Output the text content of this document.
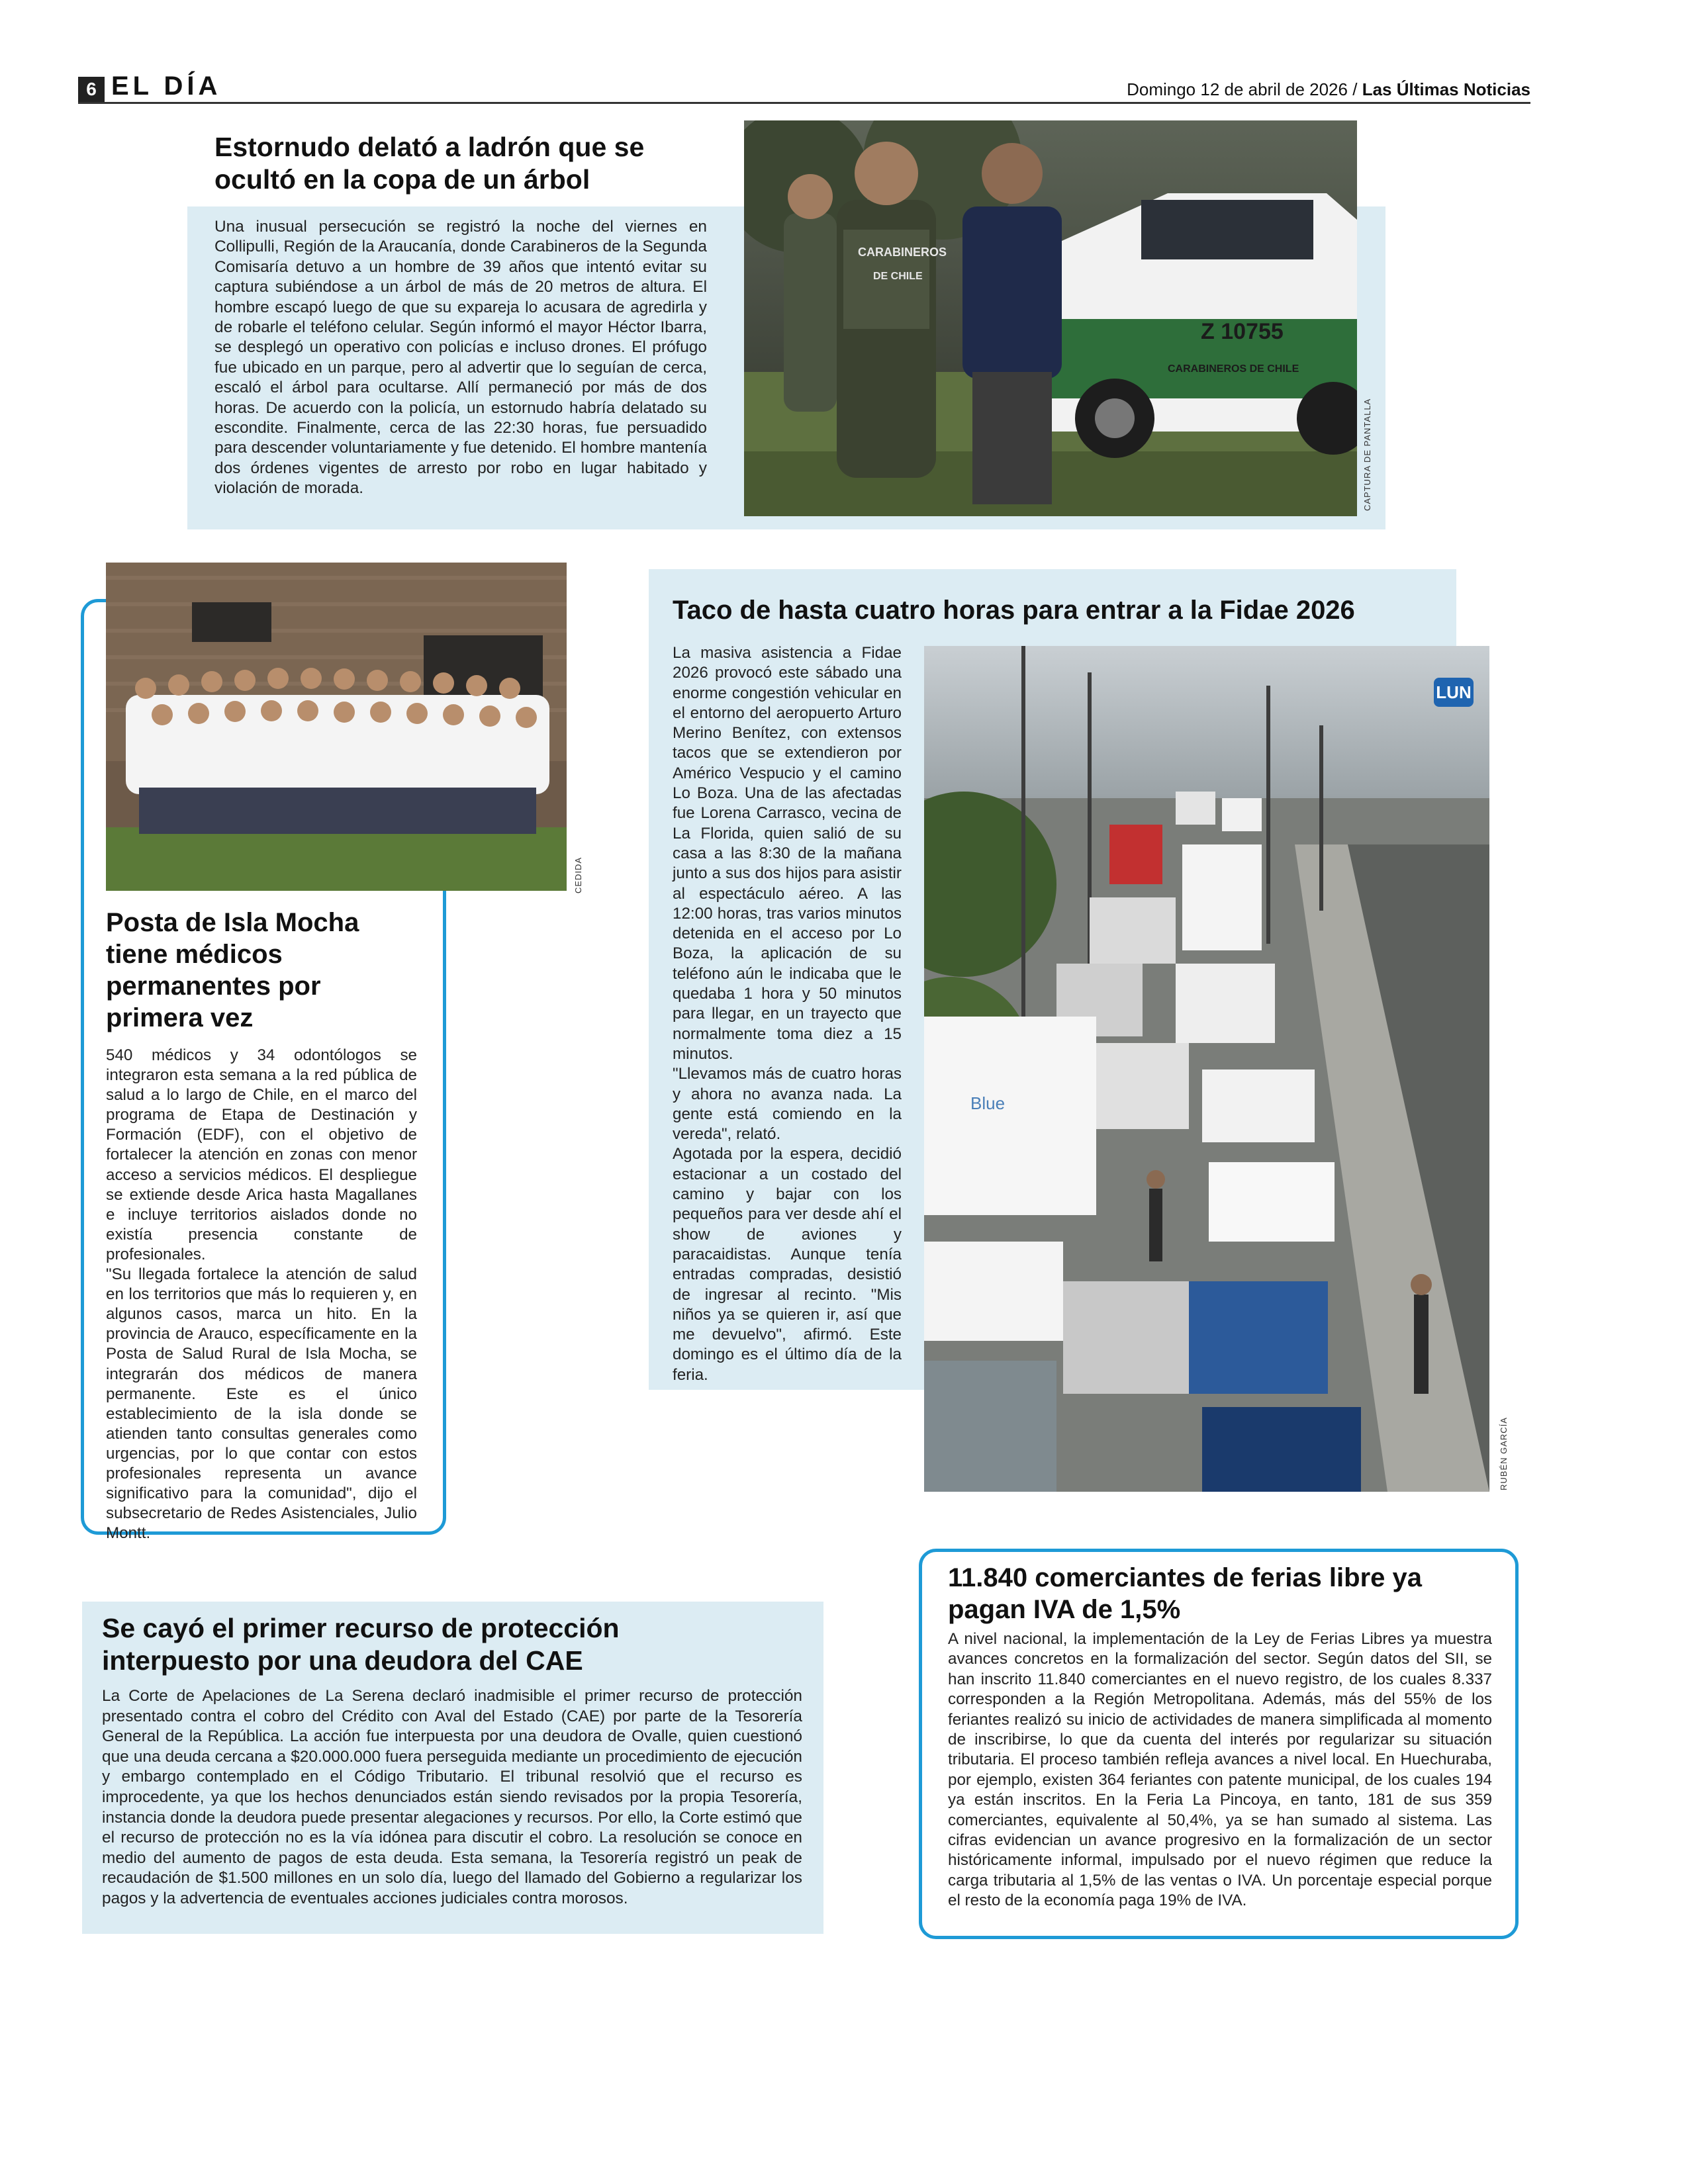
6 EL DÍA	Domingo 12 de abril de 2026 / Las Últimas Noticias
Estornudo delató a ladrón que se ocultó en la copa de un árbol

Una inusual persecución se registró la noche del viernes en Collipulli, Región de la Araucanía, donde Carabineros de la Segunda Comisaría detuvo a un hombre de 39 años que intentó evitar su captura subiéndose a un árbol de más de 20 metros de altura. El hombre escapó luego de que su expareja lo acusara de agredirla y de robarle el teléfono celular. Según informó el mayor Héctor Ibarra, se desplegó un operativo con policías e incluso drones. El prófugo fue ubicado en un parque, pero al advertir que lo seguían de cerca, escaló el árbol para ocultarse. Allí permaneció por más de dos horas. De acuerdo con la policía, un estornudo habría delatado su escondite. Finalmente, cerca de las 22:30 horas, fue persuadido para descender voluntariamente y fue detenido. El hombre mantenía dos órdenes vigentes de arresto por robo en lugar habitado y violación de morada.

Z 10755
CARABINEROS DE CHILE
CARABINEROS
DE CHILE
CAPTURA DE PANTALLA
CEDIDA
Posta de Isla Mocha tiene médicos permanentes por primera vez

540 médicos y 34 odontólogos se integraron esta semana a la red pública de salud a lo largo de Chile, en el marco del programa de Etapa de Destinación y Formación (EDF), con el objetivo de fortalecer la atención en zonas con menor acceso a servicios médicos. El despliegue se extiende desde Arica hasta Magallanes e incluye territorios aislados donde no existía presencia constante de profesionales.
"Su llegada fortalece la atención de salud en los territorios que más lo requieren y, en algunos casos, marca un hito. En la provincia de Arauco, específicamente en la Posta de Salud Rural de Isla Mocha, se integrarán dos médicos de manera permanente. Este es el único establecimiento de la isla donde se atienden tanto consultas generales como urgencias, por lo que contar con estos profesionales representa un avance significativo para la comunidad", dijo el subsecretario de Redes Asistenciales, Julio Montt.

Taco de hasta cuatro horas para entrar a la Fidae 2026

La masiva asistencia a Fidae 2026 provocó este sábado una enorme congestión vehicular en el entorno del aeropuerto Arturo Merino Benítez, con extensos tacos que se extendieron por Américo Vespucio y el camino Lo Boza. Una de las afectadas fue Lorena Carrasco, vecina de La Florida, quien salió de su casa a las 8:30 de la mañana junto a sus dos hijos para asistir al espectáculo aéreo. A las 12:00 horas, tras varios minutos detenida en el acceso por Lo Boza, la aplicación de su teléfono aún le indicaba que le quedaba 1 hora y 50 minutos para llegar, en un trayecto que normalmente toma diez a 15 minutos.
"Llevamos más de cuatro horas y ahora no avanza nada. La gente está comiendo en la vereda", relató.
Agotada por la espera, decidió estacionar a un costado del camino y bajar con los pequeños para ver desde ahí el show de aviones y paracaidistas. Aunque tenía entradas compradas, desistió de ingresar al recinto. "Mis niños ya se quieren ir, así que me devuelvo", afirmó. Este domingo es el último día de la feria.

Blue
LUN
RUBÉN GARCÍA
Se cayó el primer recurso de protección interpuesto por una deudora del CAE

La Corte de Apelaciones de La Serena declaró inadmisible el primer recurso de protección presentado contra el cobro del Crédito con Aval del Estado (CAE) por parte de la Tesorería General de la República. La acción fue interpuesta por una deudora de Ovalle, quien cuestionó que una deuda cercana a $20.000.000 fuera perseguida mediante un procedimiento de ejecución y embargo contemplado en el Código Tributario. El tribunal resolvió que el recurso es improcedente, ya que los hechos denunciados están siendo revisados por la propia Tesorería, instancia donde la deudora puede presentar alegaciones y recursos. Por ello, la Corte estimó que el recurso de protección no es la vía idónea para discutir el cobro. La resolución se conoce en medio del aumento de pagos de esta deuda. Esta semana, la Tesorería registró un peak de recaudación de $1.500 millones en un solo día, luego del llamado del Gobierno a regularizar los pagos y la advertencia de eventuales acciones judiciales contra morosos.

11.840 comerciantes de ferias libre ya pagan IVA de 1,5%

A nivel nacional, la implementación de la Ley de Ferias Libres ya muestra avances concretos en la formalización del sector. Según datos del SII, se han inscrito 11.840 comerciantes en el nuevo registro, de los cuales 8.337 corresponden a la Región Metropolitana. Además, más del 55% de los feriantes realizó su inicio de actividades de manera simplificada al momento de inscribirse, lo que da cuenta del interés por regularizar su situación tributaria. El proceso también refleja avances a nivel local. En Huechuraba, por ejemplo, existen 364 feriantes con patente municipal, de los cuales 194 ya están inscritos. En la Feria La Pincoya, en tanto, 181 de sus 359 comerciantes, equivalente al 50,4%, ya se han sumado al sistema. Las cifras evidencian un avance progresivo en la formalización de un sector históricamente informal, impulsado por el nuevo régimen que reduce la carga tributaria al 1,5% de las ventas o IVA. Un porcentaje especial porque el resto de la economía paga 19% de IVA.
